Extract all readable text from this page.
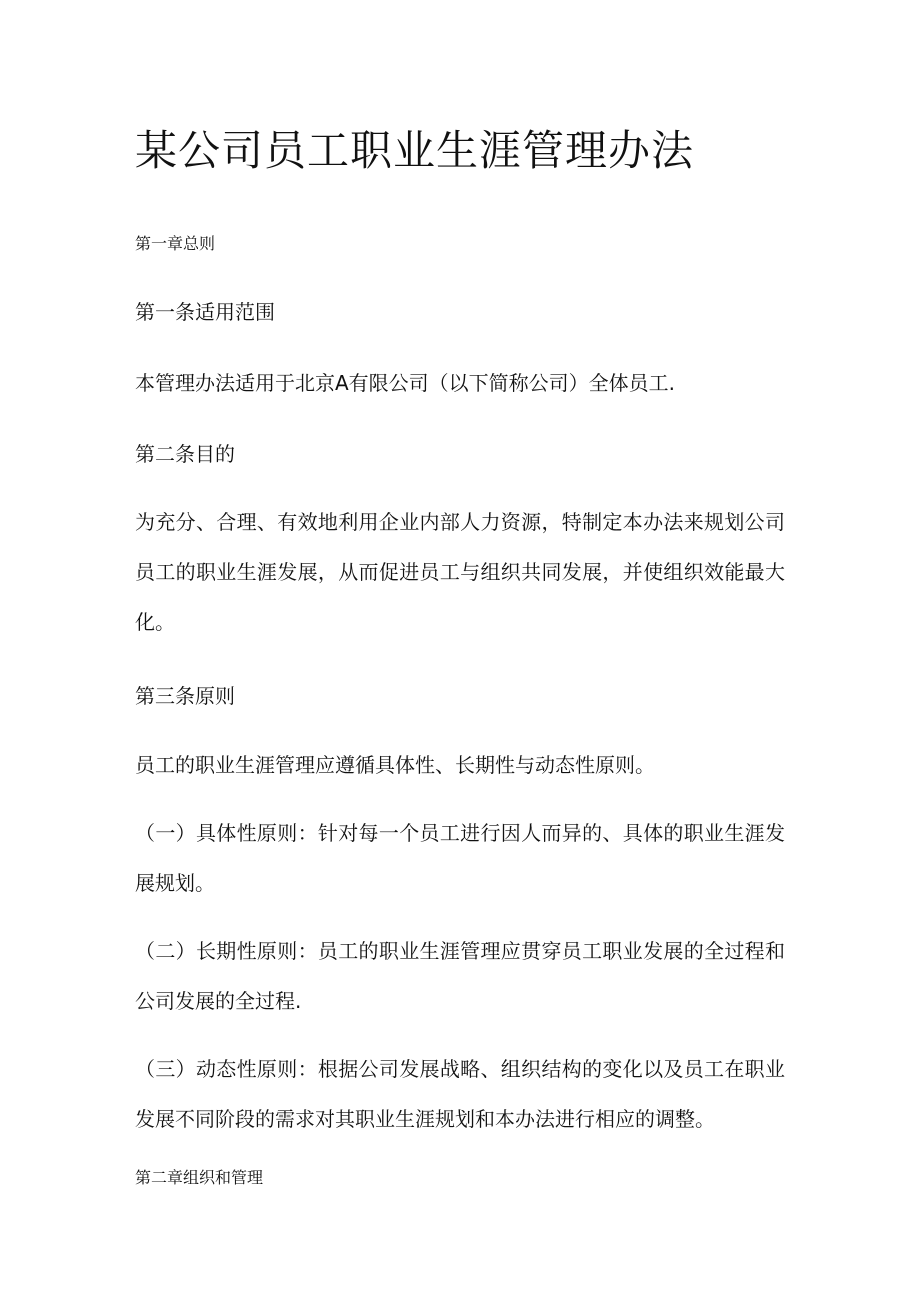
某公司员工职业生涯管理办法

第一章总则

第一条适用范围

本管理办法适用于北京A有限公司（以下简称公司）全体员工.

第二条目的

为充分、合理、有效地利用企业内部人力资源，特制定本办法来规划公司员工的职业生涯发展，从而促进员工与组织共同发展，并使组织效能最大化。

第三条原则

员工的职业生涯管理应遵循具体性、长期性与动态性原则。

（一）具体性原则：针对每一个员工进行因人而异的、具体的职业生涯发展规划。

（二）长期性原则：员工的职业生涯管理应贯穿员工职业发展的全过程和公司发展的全过程.

（三）动态性原则：根据公司发展战略、组织结构的变化以及员工在职业发展不同阶段的需求对其职业生涯规划和本办法进行相应的调整。

第二章组织和管理
